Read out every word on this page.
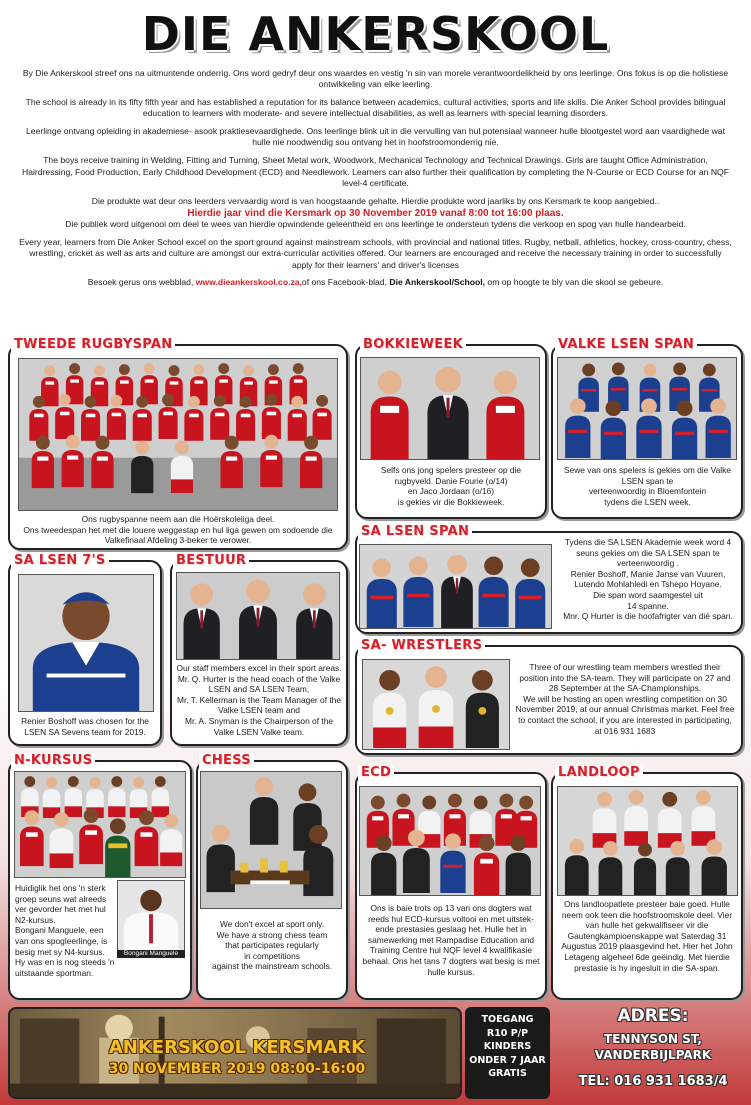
DIE ANKERSKOOL

By Die Ankerskool streef ons na uitmuntende onderrig. Ons word gedryf deur ons waardes en vestig 'n sin van morele verantwoordelikheid by ons leerlinge. Ons fokus is op die holistiese ontwikkeling van elke leerling.

The school is already in its fifty fifth year and has established a reputation for its balance between academics, cultural activities, sports and life skills. Die Anker School provides bilingual education to learners with moderate- and severe intellectual disabilities, as well as learners with special learning disorders.

Leerlinge ontvang opleiding in akademiese- asook praktiesevaardighede. Ons leerlinge blink uit in die vervulling van hul potensiaal wanneer hulle blootgestel word aan vaardighede wat hulle nie noodwendig sou ontvang het in hoofstroomonderrig nie.

The boys receive training in Welding, Fitting and Turning, Sheet Metal work, Woodwork, Mechanical Technology and Technical Drawings. Girls are taught Office Administration, Hairdressing, Food Production, Early Childhood Development (ECD) and Needlework. Learners can also further their qualification by completing the N-Course or ECD Course for an NQF level-4 certificate.

Die produkte wat deur ons leerders vervaardig word is van hoogstaande gehalte. Hierdie produkte word jaarliks by ons Kersmark te koop aangebied..

Hierdie jaar vind die Kersmark op 30 November 2019 vanaf 8:00 tot 16:00 plaas.

Die publiek word uitgenooi om deel te wees van hierdie opwindende geleentheid en ons leerlinge te ondersteun tydens die verkoop en spog van hulle handearbeid.

Every year, learners from Die Anker School excel on the sport ground against mainstream schools, with provincial and national titles. Rugby, netball, athletics, hockey, cross-country, chess, wrestling, cricket as well as arts and culture are amongst our extra-curricular activities offered. Our learners are encouraged and receive the necessary training in order to successfully apply for their learners' and driver's licenses

Besoek gerus ons webblad, www.dieankerskool.co.za,of ons Facebook-blad, Die Ankerskool/School, om op hoogte te bly van die skool se gebeure.

TWEEDE RUGBYSPAN
Ons rugbyspanne neem aan die Hoërskoleliga deel.
Ons tweedespan het met die louere weggestap en hul liga gewen om sodoende die Valkefinaal Afdeling 3-beker te verower.
BOKKIEWEEK
Selfs ons jong spelers presteer op die rugbyveld. Danie Fourie (o/14)
en Jaco Jordaan (o/16)
is gekies vir die Bokkieweek.
VALKE LSEN SPAN
Sewe van ons spelers is gekies om die Valke LSEN span te
verteenwoordig in Bloemfontein
tydens die LSEN week.
SA LSEN 7'S
Renier Boshoff was chosen for the LSEN SA Sevens team for 2019.
BESTUUR
Our staff members excel in their sport areas. Mr. Q. Hurter is the head coach of the Valke LSEN and SA LSEN Team,
Mr. T. Kellerman is the Team Manager of the Valke LSEN team and
Mr. A. Snyman is the Chairperson of the Valke LSEN Valke team.
SA LSEN SPAN
Tydens die SA LSEN Akademie week word 4 seuns gekies om die SA LSEN span te verteenwoordig .
Renier Boshoff, Manie Janse van Vuuren, Lutendo Mohlahledi en Tshepo Hoyane.
Die span word saamgestel uit
14 spanne.
Mnr. Q Hurter is die hoofafrigter van dié span.
SA- WRESTLERS
Three of our wrestling team members wrestled their position into the SA-team. They will participate on 27 and 28 September at the SA-Championships.
We will be hosting an open wrestling competition on 30 November 2019, at our annual Christmas market. Feel free to contact the school, if you are interested in participating, at 016 931 1683
N-KURSUS
Huidiglik het ons 'n sterk groep seuns wat alreeds ver gevorder het met hul N2-kursus.
Bongani Manguele, een van ons spogleerlinge, is besig met sy N4-kursus. Hy was en is nog steeds 'n uitstaande sportman.
Bongani Manguele
CHESS
We don't excel at sport only.
We have a strong chess team
that participates regularly
in competitions
against the mainstream schools.
ECD
Ons is baie trots op 13 van ons dogters wat reeds hul ECD-kursus voltooi en met uitstek-ende prestasies geslaag het. Hulle het in samewerking met Rampadise Education and Training Centre hul NQF level 4 kwalifikasie behaal. Ons het tans 7 dogters wat besig is met hulle kursus.
LANDLOOP
Ons landloopatlete presteer baie goed. Hulle neem ook teen die hoofstroomskole deel. Vier van hulle het gekwalifiseer vir die Gautengkampioenskappe wat Saterdag 31 Augustus 2019 plaasgevind het. Hier het John Letageng algeheel 6de geëindig. Met hierdie prestasie is hy ingesluit in die SA-span.
ANKERSKOOL KERSMARK
30 NOVEMBER 2019 08:00-16:00
TOEGANG
R10 P/P
KINDERS
ONDER 7 JAAR
GRATIS
ADRES:
TENNYSON ST,
VANDERBIJLPARK
TEL: 016 931 1683/4
